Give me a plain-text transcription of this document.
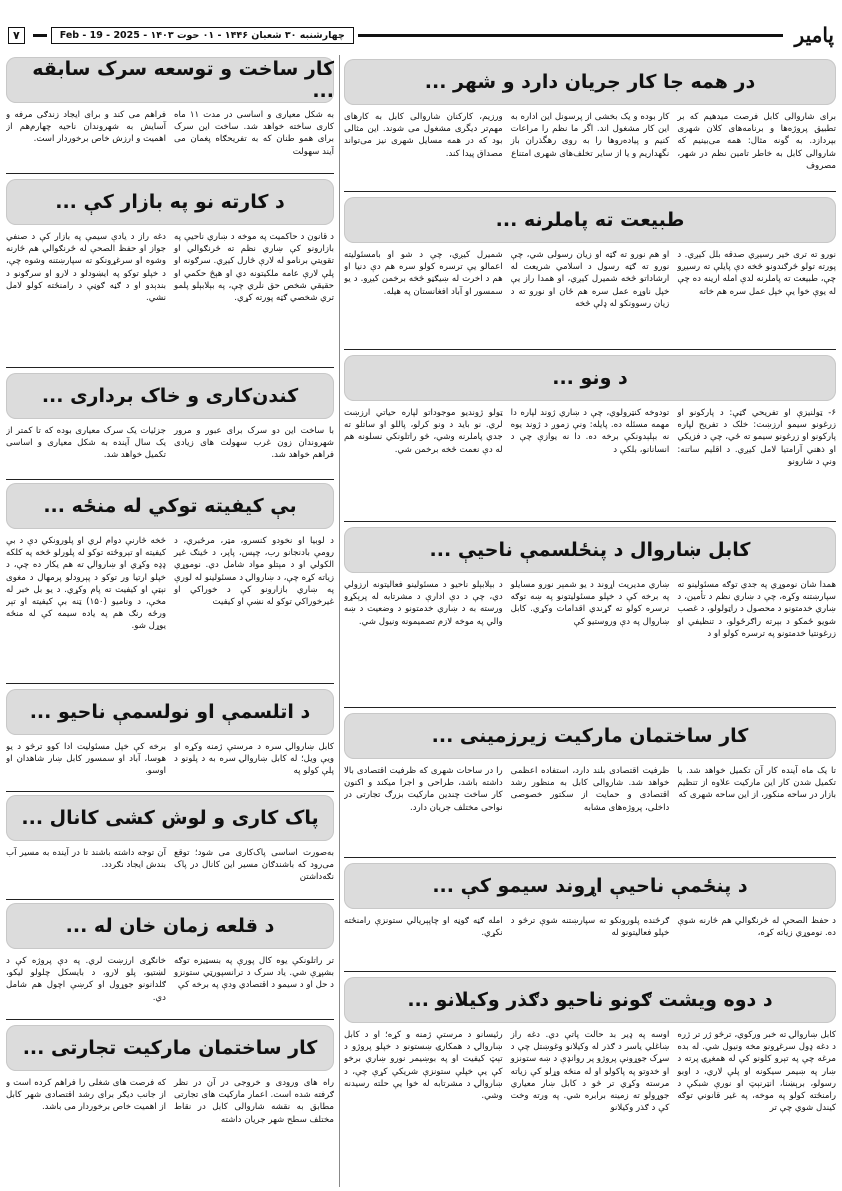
پامیر
چهارشنبه ۳۰ شعبان ۱۴۴۶ - ۰۱ حوت ۱۴۰۳ - 2025 - 19 - Feb
۷
در همه جا کار جریان دارد و شهر ...

برای شاروالی کابل فرصت میدهیم که بر تطبیق پروژه‌ها و برنامه‌های کلان شهری بپردازد. به گونه مثال: همه می‌بینیم که شاروالی کابل به خاطر تامین نظم در شهر، مصروف

کار بوده و یک بخشی از پرسونل این اداره به این کار مشغول اند. اگر ما نظم را مراعات کنیم و پیاده‌روها را به روی رهگذران باز نگهداریم و یا از سایر تخلف‌های شهری امتناع

ورزیم، کارکنان شاروالی کابل به کارهای مهم‌تر دیگری مشغول می شوند. این مثالی بود که در همه مسایل شهری نیز می‌تواند مصداق پیدا کند.

طبیعت ته پاملرنه ...

نورو ته تری خیر رسیږي صدقه بلل کیږي. د پورته تولو څرګندونو څخه دې پایلې ته رسیږو چې، طبیعت ته پاملرنه لدې امله ارینه ده چې له یوې خوا یې خپل عمل سره هم خاته

او هم نورو ته ګټه او زیان رسولی شي، چې نورو ته ګټه رسول د اسلامي شریعت له ارشاداتو څخه شمیرل کیږي، او همدا راز یې خپل ناوړه عمل سره هم ځان او نورو ته د زیان رسوونکو له ډلې څخه

شمیرل کیږي، چې د شو او بامسئولیته اعمالو یې ترسره کولو سره هم دې دنیا او هم د اخرت له ښیګڼو څخه برخمن کیږو. د یو سمسور او آباد افغانستان په هیله.

د ونو ...

۶- ټولنیزې او تفریحي ګټې: د پارکونو او زرغونو سیمو ارزښت: خلک د تفریح لپاره پارکونو او زرغونو سیمو ته ځي، چې د فزیکي او ذهني آرامتیا لامل کیږي. د اقلیم ساتنه: ونې د شارونو

تودوخه کنټرولوي، چې د ښاري ژوند لپاره دا مهمه مسئله ده. پایله: ونې زموږ د ژوند یوه نه بېلېدونکې برخه ده. دا نه یوازې چې د انسانانو، بلکې د

ټولو ژوندیو موجوداتو لپاره حیاتي ارزښت لري. نو باید د ونو کرلو، پاللو او ساتلو ته جدي پاملرنه وشي، څو راتلونکي نسلونه هم له دې نعمت څخه برخمن شي.

کابل ښاروال د پنځلسمې ناحیې ...

همدا شان نوموړي په جدي توګه مسئولینو ته سپارښتنه وکړه، چې د ښاري نظم د تأمین، د ښاري خدمتونو د محصول د راټولولو، د غصب شویو ځمکو د بېرته راګرځولو، د تنظیفي او زرغونتیا خدمتونو په ترسره کولو او د

ښاري مدیریت اړوند د یو شمېر نورو مسایلو په برخه کې د خپلو مسئولیتونو په ښه توګه ترسره کولو ته ګړندي اقدامات وکړي. کابل ښاروال په دې وروستیو کې

د بېلابېلو ناحیو د مسئولینو فعالیتونه ارزولي دي، چې د دې ادارې د مشرتابه له پرېکړو ورسته به د ښاري خدمتونو د وضعیت د ښه والي په موخه لازم تصمیمونه ونیول شي.

کار ساختمان مارکیت زیرزمینی ...

تا یک ماه آینده کار آن تکمیل خواهد شد. با تکمیل شدن کار این مارکیت علاوه از تنظیم بازار در ساحه منکور، از این ساحه شهری که

ظرفیت اقتصادی بلند دارد، استفاده اعظمی خواهد شد. شاروالی کابل به منظور رشد اقتصادی و حمایت از سکتور خصوصی داخلی، پروژه‌های مشابه

را در ساحات شهری که ظرفیت اقتصادی بالا داشته باشد، طراحی و اجرا میکند و اکنون کار ساخت چندین مارکیت بزرګ تجارتی در نواحی مختلف جریان دارد.

د پنځمې ناحیې اړوند سیمو کې ...

د حفظ الصحې له څرنګوالي هم څارنه شوې ده. نوموړي زیاته کړه،

ګرځنده پلورونکو ته سپارښتنه شوې ترڅو د خپلو فعالیتونو له

امله ګڼه ګوڼه او چاپېریالي ستونزې رامنځته نکړي.

د دوه ویشت ګونو ناحیو دګذر وکیلانو ...

کابل ښاروالۍ ته خبر ورکوي، ترڅو ژر تر ژره د دغه ډول سرغړونو مخه ونیول شي. له بده مرغه چې په تېرو کلونو کې له همغږۍ پرته د ښار په ښیمر سیکونه او پلې لاري، د اوبو رسولو، برېښنا، انټرنېټ او نورې شبکې د رامنځته کولو په موخه، په غیر قانوني توګه کیندل شوي چې تر

اوسه په ډیر بد حالت پاتې دي. دغه راز ښاغلي یاسر د ګذر له وکیلانو وغوښتل چې د سړک جوړونې پروژو پر روانډې د ښه ستونزو او خدوتو په پاکولو او له منځه وړلو کې زیاته مرسته وکړي تر څو د کابل ښار معیاري جوړولو ته زمینه برابره شي. په ورته وخت کې د ګذر وکیلانو

رئیسانو د مرستې ژمنه و کړه؛ او د کابل ښاروالۍ د همکارۍ ښستونو د خپلو پروژو د تېټ کیفیت او په بوښیمر نورو ښاري برخو کې یې خپلې ستونزې شریکې کړې چې، د ښاروالۍ د مشرتابه له خوا یې حلته رسیدنه وشي.

کار ساخت و توسعه سرک سابقه ...

به شکل معیاری و اساسی در مدت ۱۱ ماه کاری ساخته خواهد شد. ساخت این سرک برای همو طنان که به تفریحګاه پغمان می آیند سهولت

فراهم می کند و برای ایجاد زندګی مرفه و آسایش به شهروندان ناحیه چهارم‌هم از اهمیت و ارزش خاص برخوردار است.

د کارته نو په بازار کې ...

د قانون د حاکمیت په موخه د ښاري ناحیې په بازارونو کې ښاري نظم ته څرنګوالي او تقویتي برنامو له لارې څارل کیږي. سرګونه او پلې لارې عامه ملکیتونه دي او هېڅ حکمي او حقیقي شخص حق نلري چې، په بېلابېلو پلمو تري شخصي ګټه پورته کړي.

دغه راز د یادې سیمې په بازار کې د صنفي جواز او حفظ الصحې له څرنګوالي هم څارنه وشوه او سرغړونکو ته سپارښتنه وشوه چې، د خپلو توکو په ایښودلو د لارو او سرګونو د بندېدو او د ګڼه ګوڼې د رامنځته کولو لامل نشي.

کندن‌کاری و خاک برداری ...

با ساخت این دو سرک برای عبور و مرور شهروندان زون غرب سهولت های زیادی فراهم خواهد شد.

جزئیات یک سرک معیاری بوده که تا کمتر از یک سال آینده به شکل معیاری و اساسی تکمیل خواهد شد.

بې کیفیته توکي له منځه ...

د لوبیا او نخودو کنسرو، مټر، مرځبري، د رومې بادنجانو رب، چپس، پاپر، د ځینګ غیر الکولي او د مېتلو مواد شامل دي. نوموړي زیاته کړه چې، د ښاروالۍ د مسئولینو له لورې په ښاري بازارونو کې د خوراکي او غیرخوراکي توکو له نښې او کیفیت

څخه څارنې دوام لري او پلورونکي دې د بې کیفیته او تېروځته توکو له پلورلو څخه په کلکه ډډه وکړي او ښاروالۍ ته هم یکار ده چې، د خپلو ارتیا ور توکو د پېرودلو پرمهال د مغوی نېټې او کیفیت ته پام وکړي. د یو بل خبر له مخې، د ونامیو (۱۵۰) ټنه بې کیفیته او تېر ورځه رنګ هم په یاده سیمه کې له منځه یوړل شو.

د اتلسمې او نولسمې ناحیو ...

کابل ښاروالۍ سره د مرستې ژمنه وکړه او ویې ویل؛ له کابل ښاروالۍ سره به د پلونو د پلې کولو په

برخه کې خپل مسئولیت ادا کوو ترڅو د یو هوسا، آباد او سمسور کابل ښار شاهدان او اوسو.

پاک کاری و لوش کشی کانال ...

به‌صورت اساسی پاک‌کاری می شود؛ توقع می‌رود که باشندګان مسیر این کانال در پاک نګه‌داشتن

آن توجه داشته باشند تا در آینده به مسیر آب بندش ایجاد نګردد.

د قلعه زمان خان له ...

تر راتلونکې یوه کال پورې په بنسټیزه توګه بشپړې شي. یاد سرک د ترانسپورټي ستونزو د حل او د سیمو د اقتصادي ودې په برخه کې

خانګړی ارزښت لري. په دې پروژه کې د لښتیو، پلو لارو، د بایسکل چلولو لیکو، ګلدانونو جوړول او کرښې اچول هم شامل دي.

کار ساختمان مارکیت تجارتی ...

راه های ورودی و خروجی در آن در نظر ګرفته شده است. اعمار مارکیت های تجارتی مطابق به نقشه شاروالی کابل در نقاط مختلف سطح شهر جریان داشته

که فرصت های شغلی را فراهم کرده است و از جانب دیګر برای رشد اقتصادی شهر کابل از اهمیت خاص برخوردار می باشد.
